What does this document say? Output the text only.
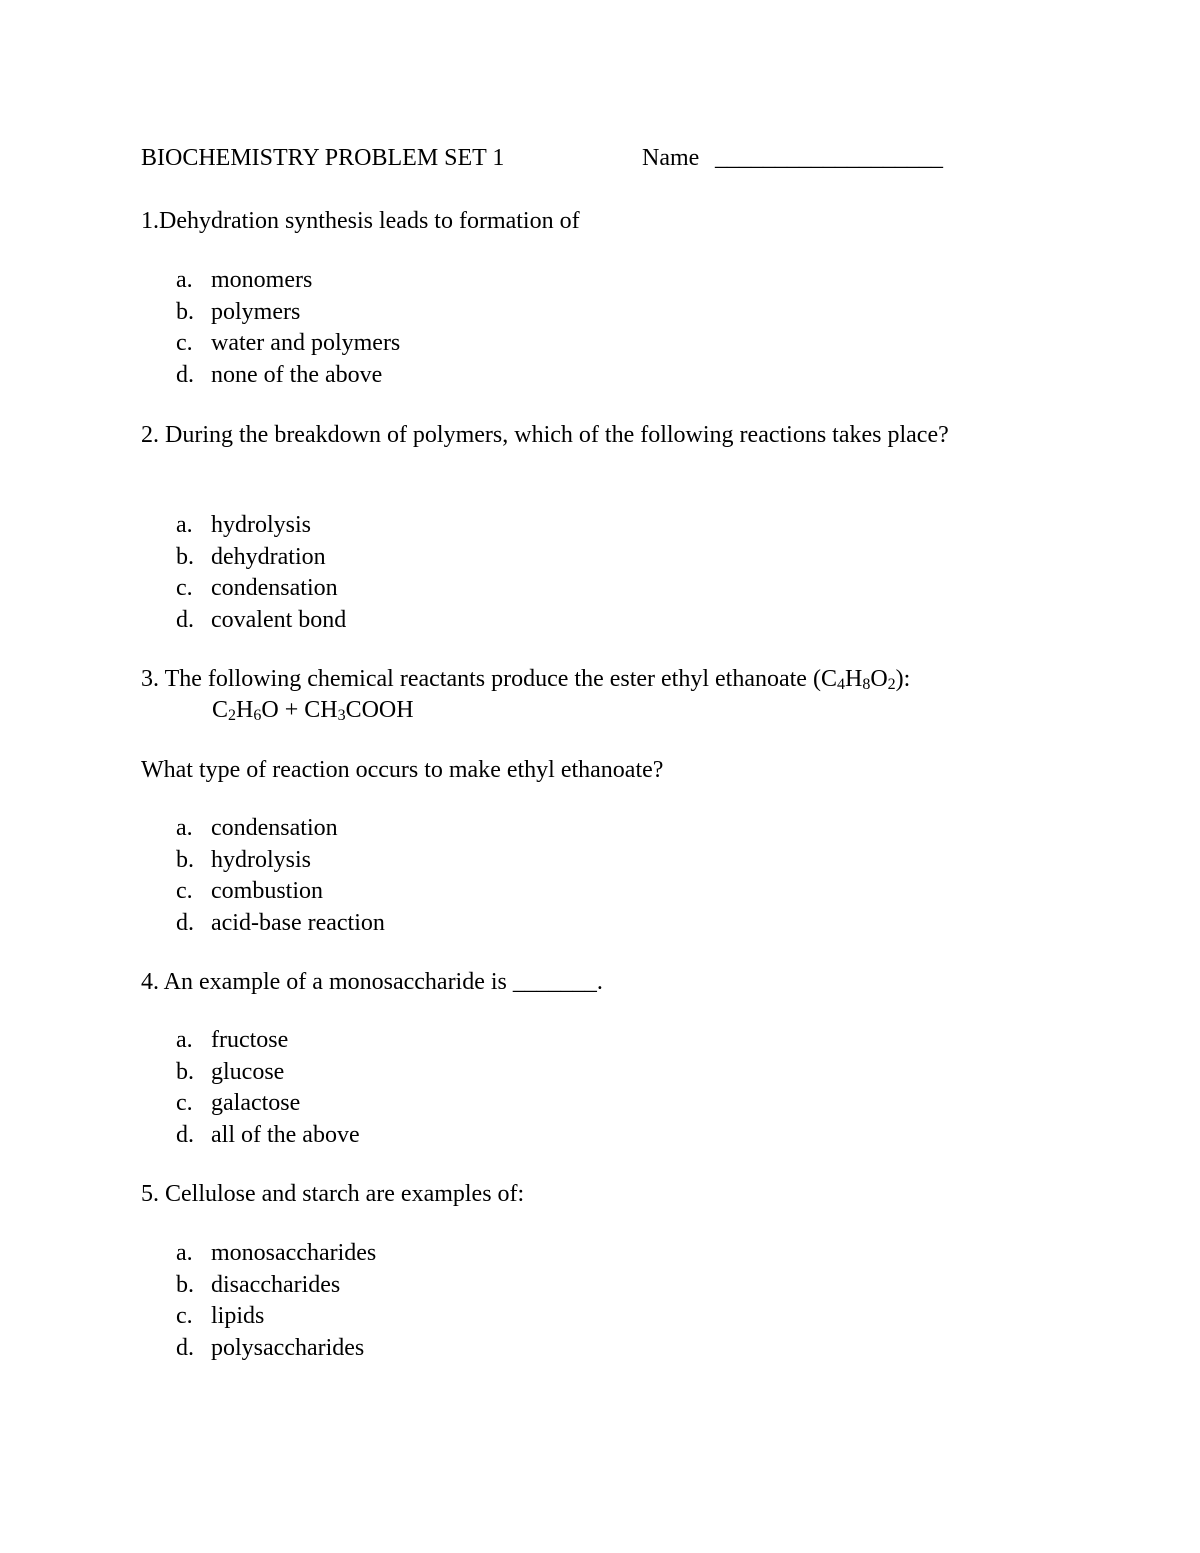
BIOCHEMISTRY PROBLEM SET 1	Name ___________________
1.Dehydration synthesis leads to formation of
a. monomers
b. polymers
c. water and polymers
d. none of the above
2. During the breakdown of polymers, which of the following reactions takes place?
a. hydrolysis
b. dehydration
c. condensation
d. covalent bond
3. The following chemical reactants produce the ester ethyl ethanoate $(C_4H_8O_2)$:
$C_2H_6O$ + $CH_3COOH$
What type of reaction occurs to make ethyl ethanoate?
a. condensation
b. hydrolysis
c. combustion
d. acid-base reaction
4. An example of a monosaccharide is _______.
a. fructose
b. glucose
c. galactose
d. all of the above
5. Cellulose and starch are examples of:
a. monosaccharides
b. disaccharides
c. lipids
d. polysaccharides
